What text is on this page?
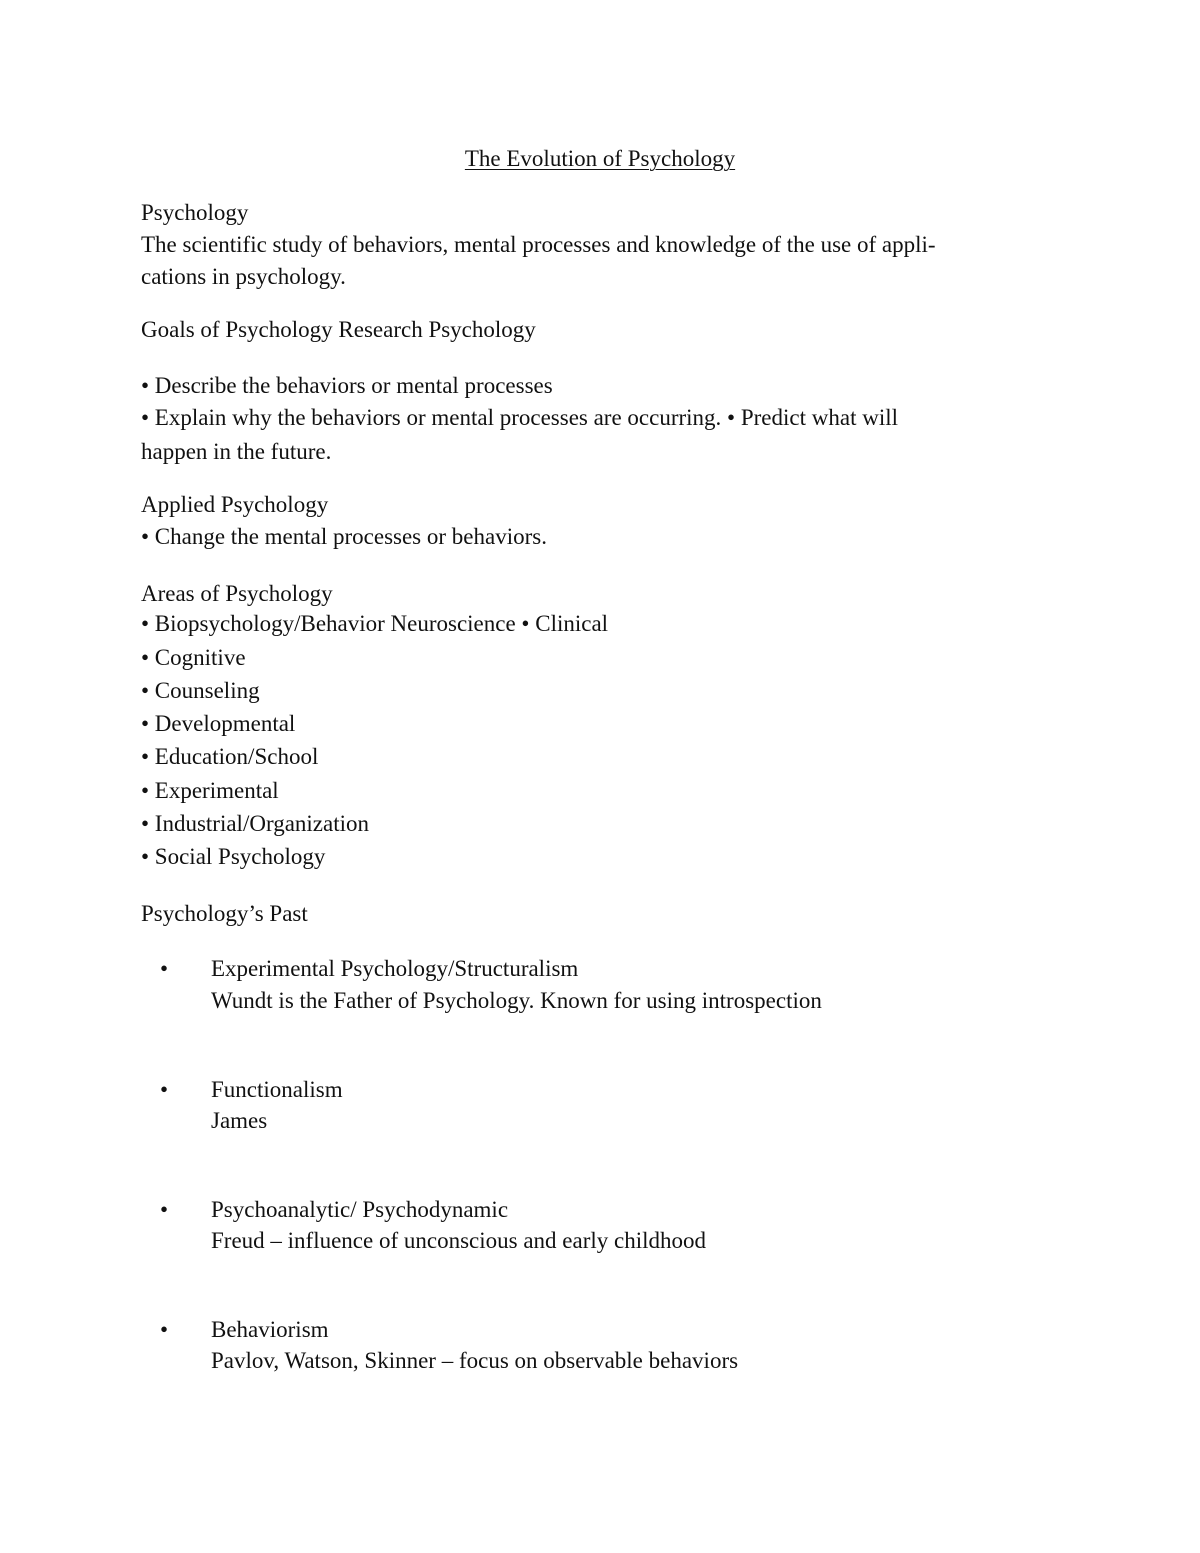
The Evolution of Psychology
Psychology
The scientific study of behaviors, mental processes and knowledge of the use of appli-
cations in psychology.
Goals of Psychology Research Psychology
• Describe the behaviors or mental processes
• Explain why the behaviors or mental processes are occurring. • Predict what will
happen in the future.
Applied Psychology
• Change the mental processes or behaviors.
Areas of Psychology
• Biopsychology/Behavior Neuroscience • Clinical
• Cognitive
• Counseling
• Developmental
• Education/School
• Experimental
• Industrial/Organization
• Social Psychology
Psychology’s Past
• Experimental Psychology/Structuralism
Wundt is the Father of Psychology. Known for using introspection
• Functionalism
James
• Psychoanalytic/ Psychodynamic
Freud – influence of unconscious and early childhood
• Behaviorism
Pavlov, Watson, Skinner – focus on observable behaviors
